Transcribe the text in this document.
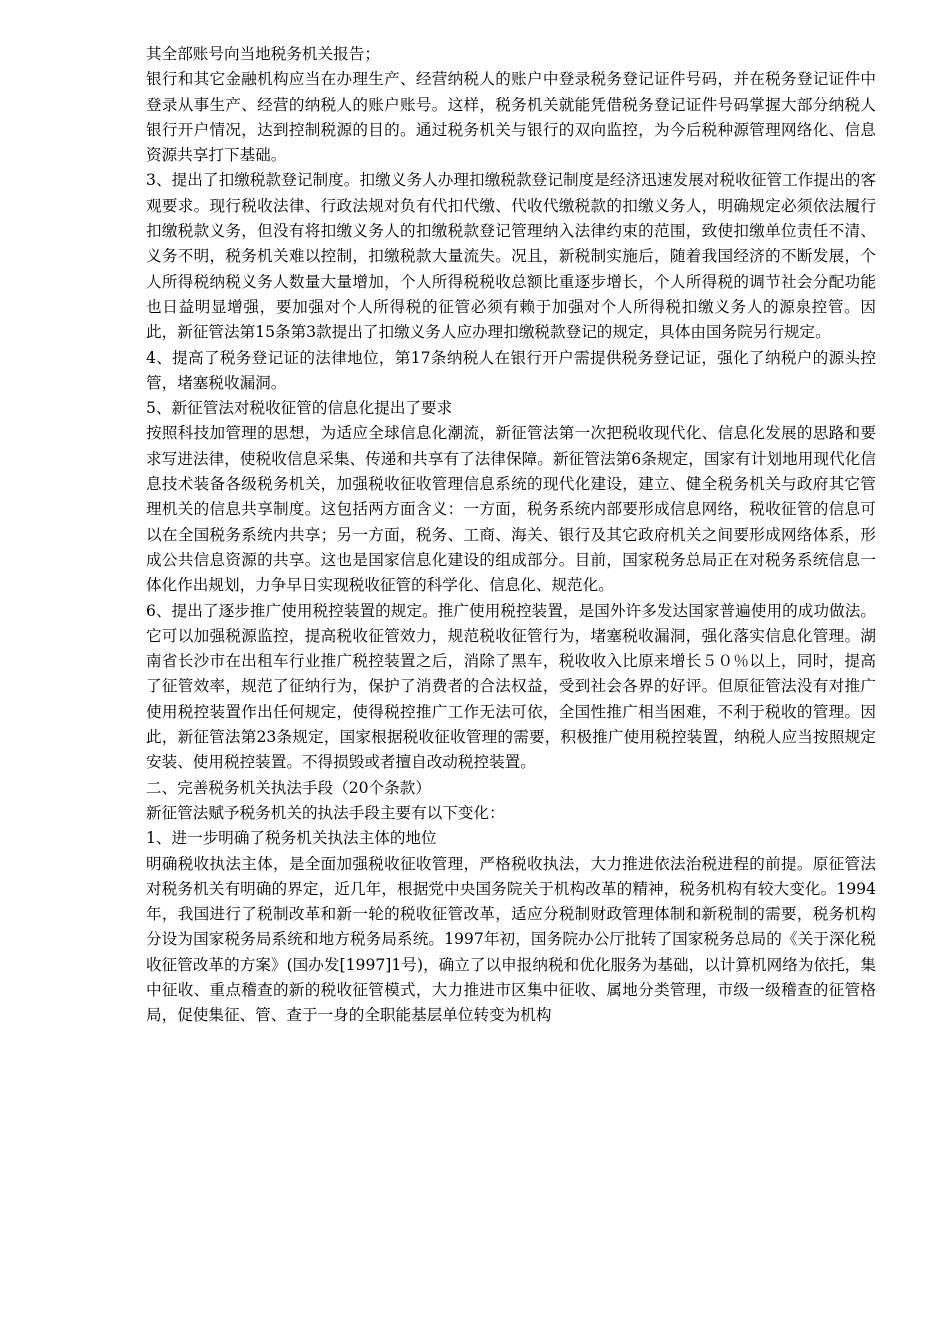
其全部账号向当地税务机关报告；

银行和其它金融机构应当在办理生产、经营纳税人的账户中登录税务登记证件号码，并在税务登记证件中登录从事生产、经营的纳税人的账户账号。这样，税务机关就能凭借税务登记证件号码掌握大部分纳税人银行开户情况，达到控制税源的目的。通过税务机关与银行的双向监控，为今后税种源管理网络化、信息资源共享打下基础。

3、提出了扣缴税款登记制度。扣缴义务人办理扣缴税款登记制度是经济迅速发展对税收征管工作提出的客观要求。现行税收法律、行政法规对负有代扣代缴、代收代缴税款的扣缴义务人，明确规定必须依法履行扣缴税款义务，但没有将扣缴义务人的扣缴税款登记管理纳入法律约束的范围，致使扣缴单位责任不清、义务不明，税务机关难以控制，扣缴税款大量流失。况且，新税制实施后，随着我国经济的不断发展，个人所得税纳税义务人数量大量增加，个人所得税税收总额比重逐步增长，个人所得税的调节社会分配功能也日益明显增强，要加强对个人所得税的征管必须有赖于加强对个人所得税扣缴义务人的源泉控管。因此，新征管法第15条第3款提出了扣缴义务人应办理扣缴税款登记的规定，具体由国务院另行规定。

4、提高了税务登记证的法律地位，第17条纳税人在银行开户需提供税务登记证，强化了纳税户的源头控管，堵塞税收漏洞。

5、新征管法对税收征管的信息化提出了要求

按照科技加管理的思想，为适应全球信息化潮流，新征管法第一次把税收现代化、信息化发展的思路和要求写进法律，使税收信息采集、传递和共享有了法律保障。新征管法第6条规定，国家有计划地用现代化信息技术装备各级税务机关，加强税收征收管理信息系统的现代化建设，建立、健全税务机关与政府其它管理机关的信息共享制度。这包括两方面含义：一方面，税务系统内部要形成信息网络，税收征管的信息可以在全国税务系统内共享；另一方面，税务、工商、海关、银行及其它政府机关之间要形成网络体系，形成公共信息资源的共享。这也是国家信息化建设的组成部分。目前，国家税务总局正在对税务系统信息一体化作出规划，力争早日实现税收征管的科学化、信息化、规范化。

6、提出了逐步推广使用税控装置的规定。推广使用税控装置，是国外许多发达国家普遍使用的成功做法。它可以加强税源监控，提高税收征管效力，规范税收征管行为，堵塞税收漏洞，强化落实信息化管理。湖南省长沙市在出租车行业推广税控装置之后，消除了黑车，税收收入比原来增长５０％以上，同时，提高了征管效率，规范了征纳行为，保护了消费者的合法权益，受到社会各界的好评。但原征管法没有对推广使用税控装置作出任何规定，使得税控推广工作无法可依，全国性推广相当困难，不利于税收的管理。因此，新征管法第23条规定，国家根据税收征收管理的需要，积极推广使用税控装置，纳税人应当按照规定安装、使用税控装置。不得损毁或者擅自改动税控装置。

二、完善税务机关执法手段（20个条款）

新征管法赋予税务机关的执法手段主要有以下变化：

1、进一步明确了税务机关执法主体的地位

明确税收执法主体，是全面加强税收征收管理，严格税收执法，大力推进依法治税进程的前提。原征管法对税务机关有明确的界定，近几年，根据党中央国务院关于机构改革的精神，税务机构有较大变化。1994年，我国进行了税制改革和新一轮的税收征管改革，适应分税制财政管理体制和新税制的需要，税务机构分设为国家税务局系统和地方税务局系统。1997年初，国务院办公厅批转了国家税务总局的《关于深化税收征管改革的方案》(国办发[1997]1号)，确立了以申报纳税和优化服务为基础，以计算机网络为依托，集中征收、重点稽查的新的税收征管模式，大力推进市区集中征收、属地分类管理，市级一级稽查的征管格局，促使集征、管、查于一身的全职能基层单位转变为机构
